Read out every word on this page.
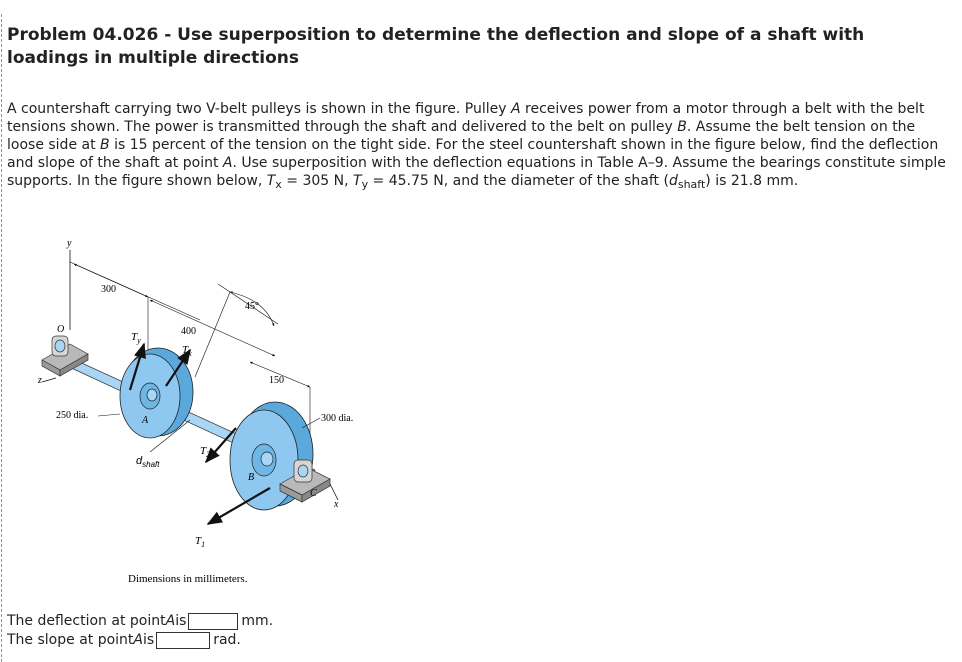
Problem 04.026 - Use superposition to determine the deflection and slope of a shaft with loadings in multiple directions
A countershaft carrying two V-belt pulleys is shown in the figure. Pulley A receives power from a motor through a belt with the belt tensions shown. The power is transmitted through the shaft and delivered to the belt on pulley B. Assume the belt tension on the loose side at B is 15 percent of the tension on the tight side. For the steel countershaft shown in the figure below, find the deflection and slope of the shaft at point A. Use superposition with the deflection equations in Table A–9. Assume the bearings constitute simple supports. In the figure shown below, $T_x = 305$ N, $T_y = 45.75$ N, and the diameter of the shaft $(d_{shaft})$ is 21.8 mm.
y
300
45°
400
$T_y$
$T_x$
O
z	150
250 dia.	A	300 dia.
$T_2$
$d_{shaft}$
B
C
x
$T_1$
Dimensions in millimeters.
The deflection at point A is	mm.
The slope at point A is	rad.
